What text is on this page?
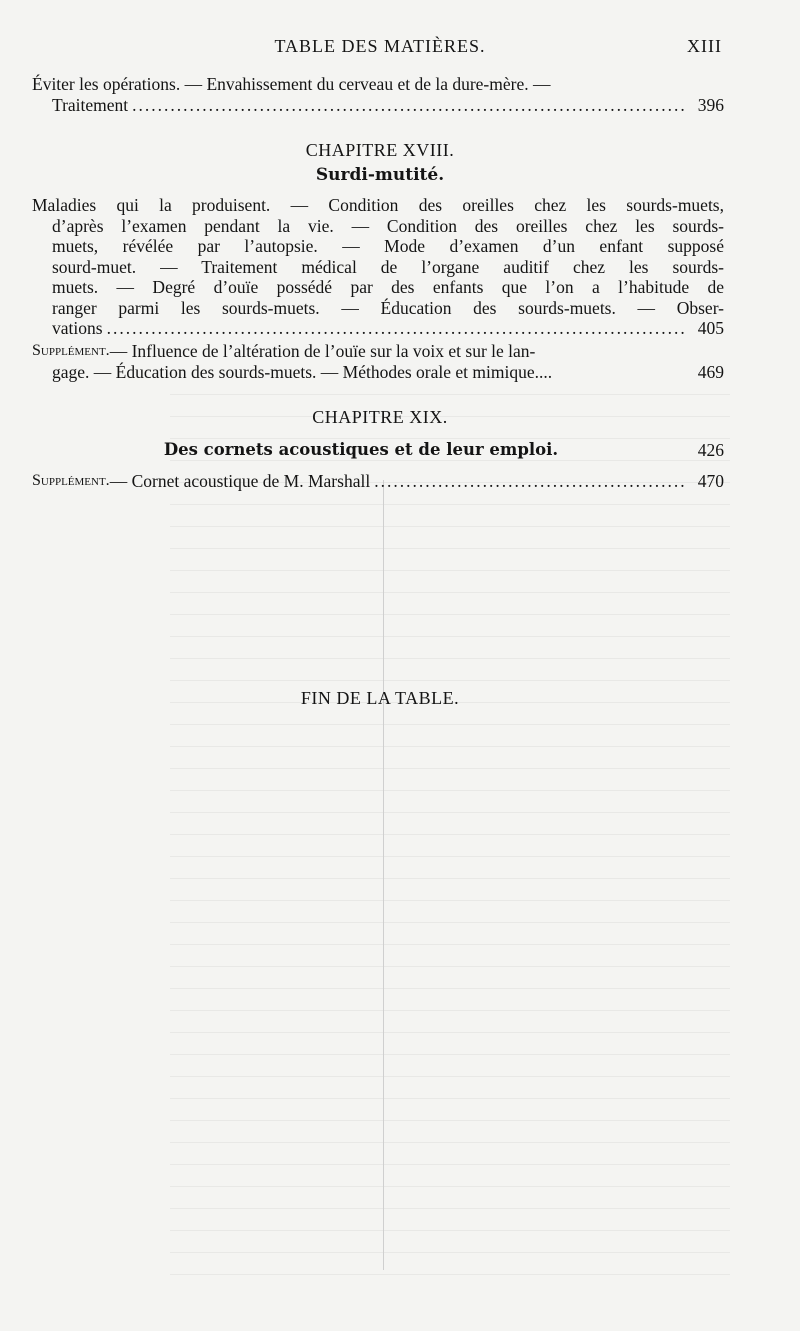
TABLE DES MATIÈRES.	XIII
Éviter les opérations. — Envahissement du cerveau et de la dure-mère. —
Traitement .....	396
CHAPITRE XVIII.
Surdi-mutité.
Maladies qui la produisent. — Condition des oreilles chez les sourds-muets,
d’après l’examen pendant la vie. — Condition des oreilles chez les sourds-
muets, révélée par l’autopsie. — Mode d’examen d’un enfant supposé
sourd-muet. — Traitement médical de l’organe auditif chez les sourds-
muets. — Degré d’ouïe possédé par des enfants que l’on a l’habitude de
ranger parmi les sourds-muets. — Éducation des sourds-muets. — Obser-
vations .....	405
Supplément. — Influence de l’altération de l’ouïe sur la voix et sur le lan-
gage. — Éducation des sourds-muets. — Méthodes orale et mimique....	469
CHAPITRE XIX.
Des cornets acoustiques et de leur emploi.	426
Supplément. — Cornet acoustique de M. Marshall .....	470
FIN DE LA TABLE.
